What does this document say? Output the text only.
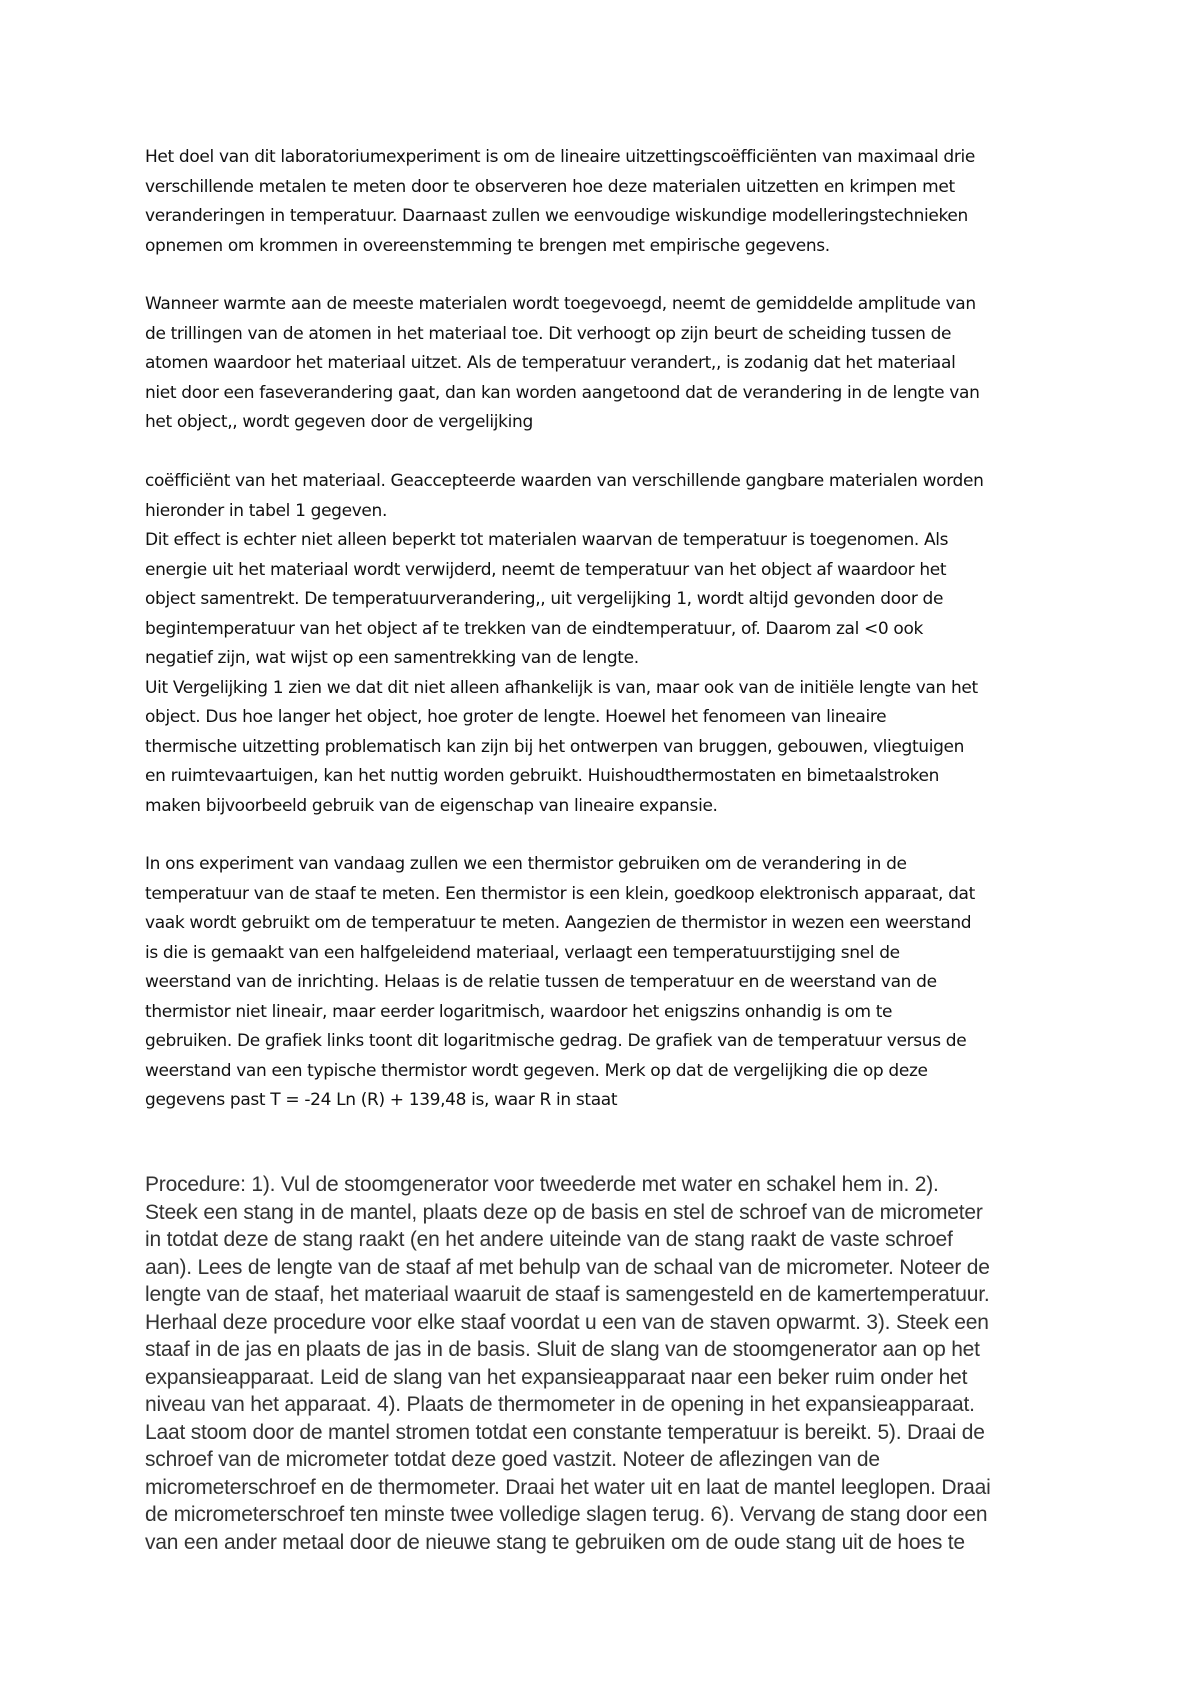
Het doel van dit laboratoriumexperiment is om de lineaire uitzettingscoëfficiënten van maximaal drie
verschillende metalen te meten door te observeren hoe deze materialen uitzetten en krimpen met
veranderingen in temperatuur. Daarnaast zullen we eenvoudige wiskundige modelleringstechnieken
opnemen om krommen in overeenstemming te brengen met empirische gegevens.
Wanneer warmte aan de meeste materialen wordt toegevoegd, neemt de gemiddelde amplitude van
de trillingen van de atomen in het materiaal toe. Dit verhoogt op zijn beurt de scheiding tussen de
atomen waardoor het materiaal uitzet. Als de temperatuur verandert,, is zodanig dat het materiaal
niet door een faseverandering gaat, dan kan worden aangetoond dat de verandering in de lengte van
het object,, wordt gegeven door de vergelijking
coëfficiënt van het materiaal. Geaccepteerde waarden van verschillende gangbare materialen worden
hieronder in tabel 1 gegeven.
Dit effect is echter niet alleen beperkt tot materialen waarvan de temperatuur is toegenomen. Als
energie uit het materiaal wordt verwijderd, neemt de temperatuur van het object af waardoor het
object samentrekt. De temperatuurverandering,, uit vergelijking 1, wordt altijd gevonden door de
begintemperatuur van het object af te trekken van de eindtemperatuur, of. Daarom zal <0 ook
negatief zijn, wat wijst op een samentrekking van de lengte.
Uit Vergelijking 1 zien we dat dit niet alleen afhankelijk is van, maar ook van de initiële lengte van het
object. Dus hoe langer het object, hoe groter de lengte. Hoewel het fenomeen van lineaire
thermische uitzetting problematisch kan zijn bij het ontwerpen van bruggen, gebouwen, vliegtuigen
en ruimtevaartuigen, kan het nuttig worden gebruikt. Huishoudthermostaten en bimetaalstroken
maken bijvoorbeeld gebruik van de eigenschap van lineaire expansie.
In ons experiment van vandaag zullen we een thermistor gebruiken om de verandering in de
temperatuur van de staaf te meten. Een thermistor is een klein, goedkoop elektronisch apparaat, dat
vaak wordt gebruikt om de temperatuur te meten. Aangezien de thermistor in wezen een weerstand
is die is gemaakt van een halfgeleidend materiaal, verlaagt een temperatuurstijging snel de
weerstand van de inrichting. Helaas is de relatie tussen de temperatuur en de weerstand van de
thermistor niet lineair, maar eerder logaritmisch, waardoor het enigszins onhandig is om te
gebruiken. De grafiek links toont dit logaritmische gedrag. De grafiek van de temperatuur versus de
weerstand van een typische thermistor wordt gegeven. Merk op dat de vergelijking die op deze
gegevens past T = -24 Ln (R) + 139,48 is, waar R in staat
Procedure: 1). Vul de stoomgenerator voor tweederde met water en schakel hem in. 2).
Steek een stang in de mantel, plaats deze op de basis en stel de schroef van de micrometer
in totdat deze de stang raakt (en het andere uiteinde van de stang raakt de vaste schroef
aan). Lees de lengte van de staaf af met behulp van de schaal van de micrometer. Noteer de
lengte van de staaf, het materiaal waaruit de staaf is samengesteld en de kamertemperatuur.
Herhaal deze procedure voor elke staaf voordat u een van de staven opwarmt. 3). Steek een
staaf in de jas en plaats de jas in de basis. Sluit de slang van de stoomgenerator aan op het
expansieapparaat. Leid de slang van het expansieapparaat naar een beker ruim onder het
niveau van het apparaat. 4). Plaats de thermometer in de opening in het expansieapparaat.
Laat stoom door de mantel stromen totdat een constante temperatuur is bereikt. 5). Draai de
schroef van de micrometer totdat deze goed vastzit. Noteer de aflezingen van de
micrometerschroef en de thermometer. Draai het water uit en laat de mantel leeglopen. Draai
de micrometerschroef ten minste twee volledige slagen terug. 6). Vervang de stang door een
van een ander metaal door de nieuwe stang te gebruiken om de oude stang uit de hoes te
